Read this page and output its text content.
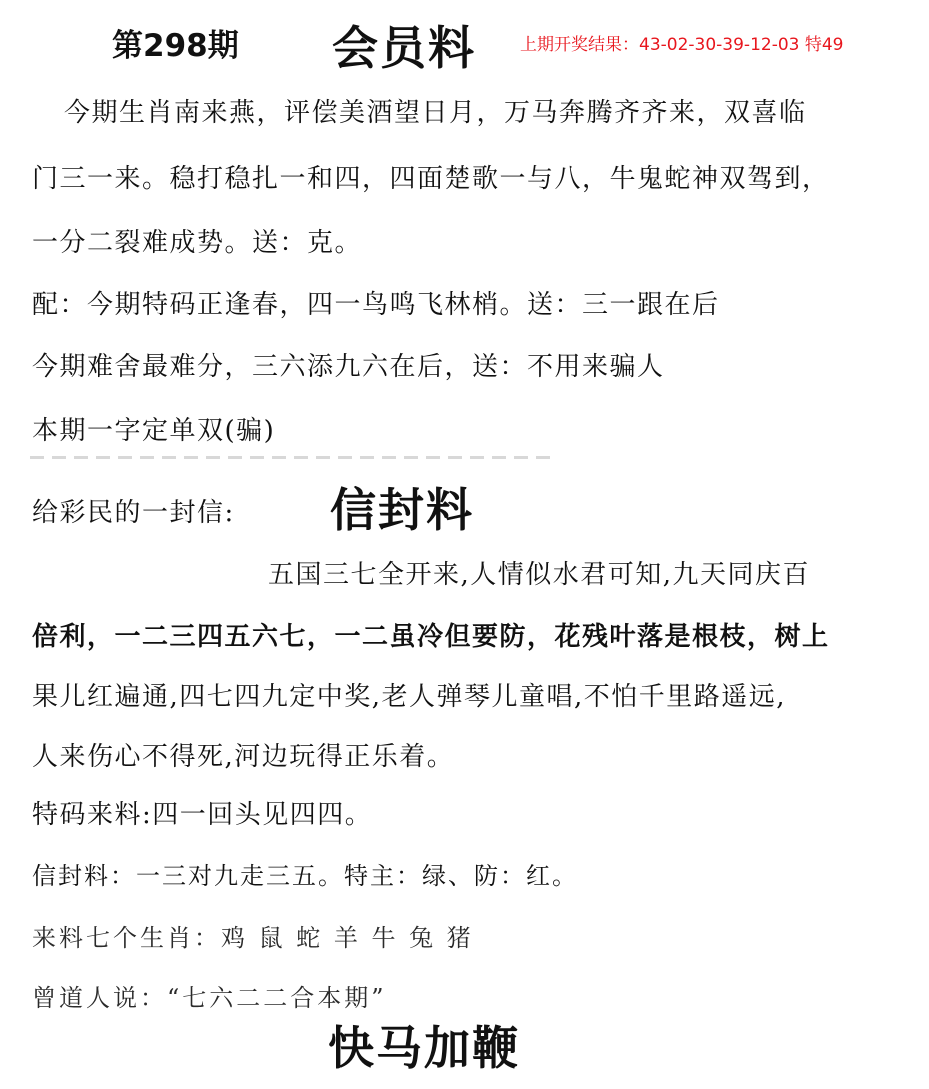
第298期 会员料	上期开奖结果：43-02-30-39-12-03 特49
今期生肖南来燕，评偿美酒望日月，万马奔腾齐齐来，双喜临
门三一来。稳打稳扎一和四，四面楚歌一与八，牛鬼蛇神双驾到，
一分二裂难成势。送：克。
配：今期特码正逢春，四一鸟鸣飞林梢。送：三一跟在后
今期难舍最难分，三六添九六在后，送：不用来骗人
本期一字定单双(骗)
给彩民的一封信: 信封料
五国三七全开来,人情似水君可知,九天同庆百
倍利，一二三四五六七，一二虽冷但要防，花残叶落是根枝，树上
果儿红遍通,四七四九定中奖,老人弹琴儿童唱,不怕千里路遥远,
人来伤心不得死,河边玩得正乐着。
特码来料:四一回头见四四。
信封料：一三对九走三五。特主：绿、防：红。
来料七个生肖：鸡 鼠 蛇 羊 牛 兔 猪
曾道人说：“七六二二合本期”
快马加鞭
